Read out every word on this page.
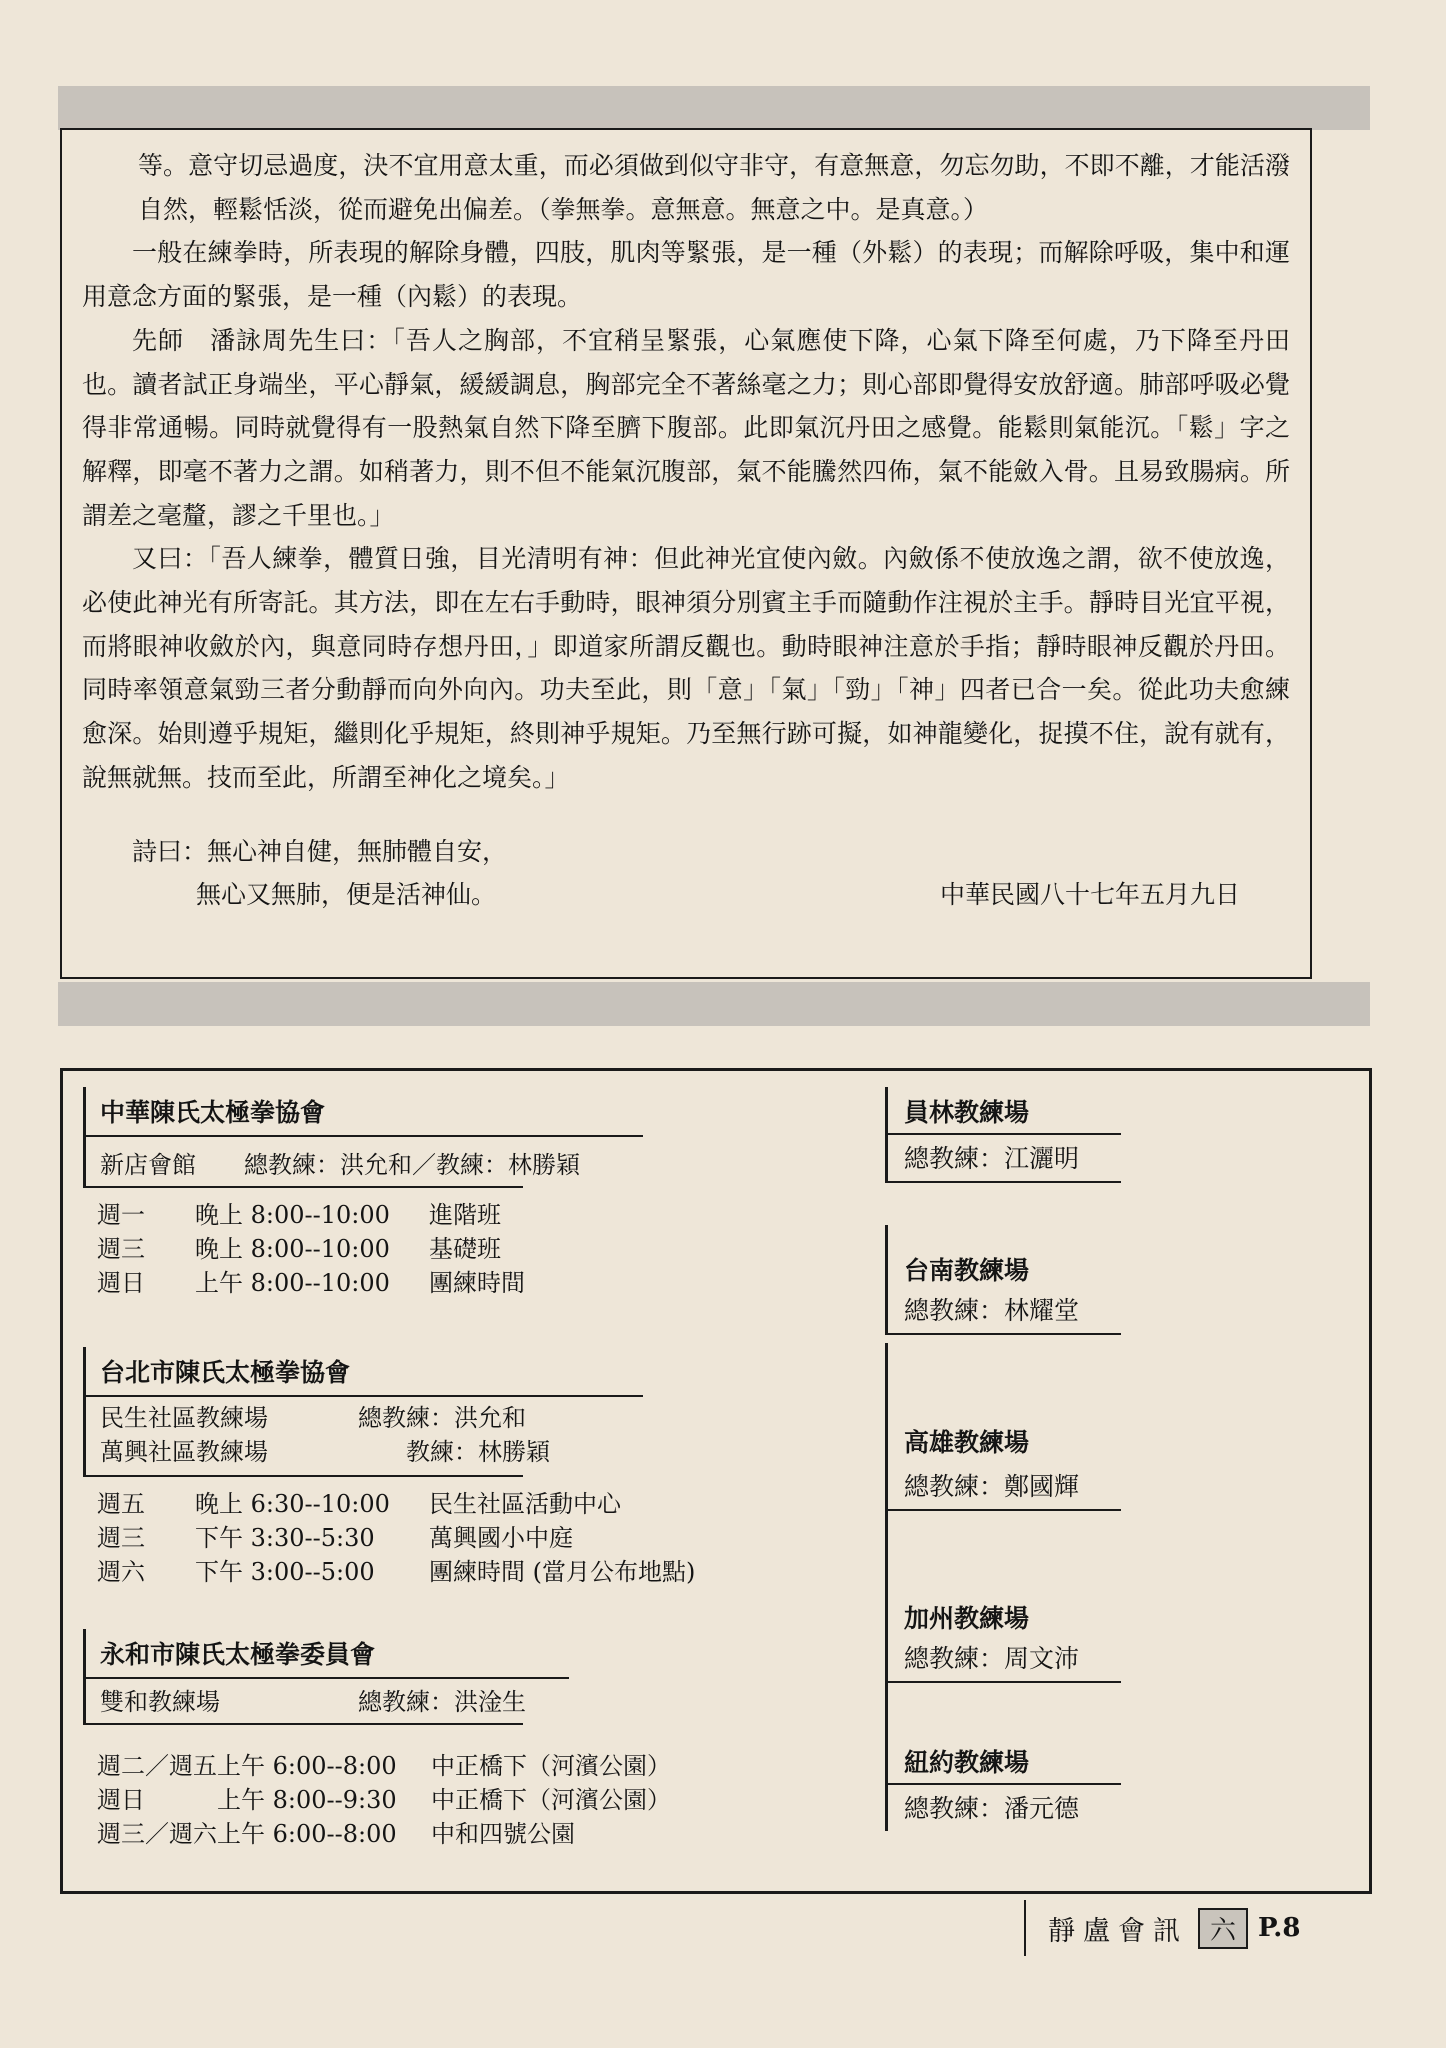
等。意守切忌過度，決不宜用意太重，而必須做到似守非守，有意無意，勿忘勿助，不即不離，才能活潑自然，輕鬆恬淡，從而避免出偏差。（拳無拳。意無意。無意之中。是真意。）

一般在練拳時，所表現的解除身體，四肢，肌肉等緊張，是一種（外鬆）的表現；而解除呼吸，集中和運用意念方面的緊張，是一種（內鬆）的表現。

先師　潘詠周先生曰：「吾人之胸部，不宜稍呈緊張，心氣應使下降，心氣下降至何處，乃下降至丹田也。讀者試正身端坐，平心靜氣，緩緩調息，胸部完全不著絲毫之力；則心部即覺得安放舒適。肺部呼吸必覺得非常通暢。同時就覺得有一股熱氣自然下降至臍下腹部。此即氣沉丹田之感覺。能鬆則氣能沉。「鬆」字之解釋，即毫不著力之謂。如稍著力，則不但不能氣沉腹部，氣不能騰然四佈，氣不能斂入骨。且易致腸病。所謂差之毫釐，謬之千里也。」

又曰：「吾人練拳，體質日強，目光清明有神：但此神光宜使內斂。內斂係不使放逸之謂，欲不使放逸，必使此神光有所寄託。其方法，即在左右手動時，眼神須分別賓主手而隨動作注視於主手。靜時目光宜平視，而將眼神收斂於內，與意同時存想丹田，」即道家所謂反觀也。動時眼神注意於手指；靜時眼神反觀於丹田。同時率領意氣勁三者分動靜而向外向內。功夫至此，則「意」「氣」「勁」「神」四者已合一矣。從此功夫愈練愈深。始則遵乎規矩，繼則化乎規矩，終則神乎規矩。乃至無行跡可擬，如神龍變化，捉摸不住，說有就有，說無就無。技而至此，所謂至神化之境矣。」

詩曰：無心神自健，無肺體自安，

無心又無肺，便是活神仙。	中華民國八十七年五月九日
中華陳氏太極拳協會
新店會館　　總教練：洪允和／教練：林勝穎
週一	晚上 8:00--10:00	進階班
週三	晚上 8:00--10:00	基礎班
週日	上午 8:00--10:00	團練時間
台北市陳氏太極拳協會
民生社區教練場	總教練：洪允和
萬興社區教練場	　　教練：林勝穎
週五	晚上 6:30--10:00	民生社區活動中心
週三	下午 3:30--5:30	萬興國小中庭
週六	下午 3:00--5:00	團練時間 (當月公布地點)
永和市陳氏太極拳委員會
雙和教練場	總教練：洪淦生
週二／週五上午 6:00--8:00	中正橋下（河濱公園）
週日　　　上午 8:00--9:30	中正橋下（河濱公園）
週三／週六上午 6:00--8:00	中和四號公園
員林教練場
總教練：江灑明
台南教練場
總教練：林耀堂
高雄教練場
總教練：鄭國輝
加州教練場
總教練：周文沛
紐約教練場
總教練：潘元德
靜盧會訊 六 P.8
